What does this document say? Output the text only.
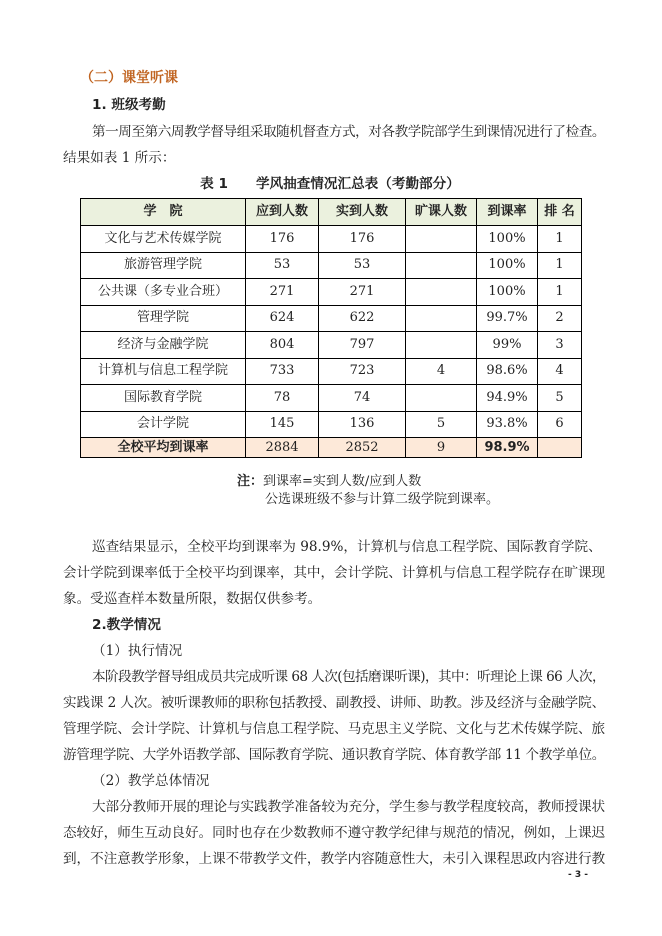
（二）课堂听课
1. 班级考勤
第一周至第六周教学督导组采取随机督查方式，对各教学院部学生到课情况进行了检查。
结果如表 1 所示：
表 1 学风抽查情况汇总表（考勤部分）
学　院	应到人数	实到人数	旷课人数	到课率	排 名
文化与艺术传媒学院	176	176		100%	1
旅游管理学院	53	53		100%	1
公共课（多专业合班）	271	271		100%	1
管理学院	624	622		99.7%	2
经济与金融学院	804	797		99%	3
计算机与信息工程学院	733	723	4	98.6%	4
国际教育学院	78	74		94.9%	5
会计学院	145	136	5	93.8%	6
全校平均到课率	2884	2852	9	98.9%	
注：到课率=实到人数/应到人数
公选课班级不参与计算二级学院到课率。
巡查结果显示，全校平均到课率为 98.9%，计算机与信息工程学院、国际教育学院、
会计学院到课率低于全校平均到课率，其中，会计学院、计算机与信息工程学院存在旷课现
象。受巡查样本数量所限，数据仅供参考。
2.教学情况
（1）执行情况
本阶段教学督导组成员共完成听课 68 人次(包括磨课听课)，其中：听理论上课 66 人次，
实践课 2 人次。被听课教师的职称包括教授、副教授、讲师、助教。涉及经济与金融学院、
管理学院、会计学院、计算机与信息工程学院、马克思主义学院、文化与艺术传媒学院、旅
游管理学院、大学外语教学部、国际教育学院、通识教育学院、体育教学部 11 个教学单位。
（2）教学总体情况
大部分教师开展的理论与实践教学准备较为充分，学生参与教学程度较高，教师授课状
态较好，师生互动良好。同时也存在少数教师不遵守教学纪律与规范的情况，例如，上课迟
到，不注意教学形象，上课不带教学文件，教学内容随意性大，未引入课程思政内容进行教
- 3 -
